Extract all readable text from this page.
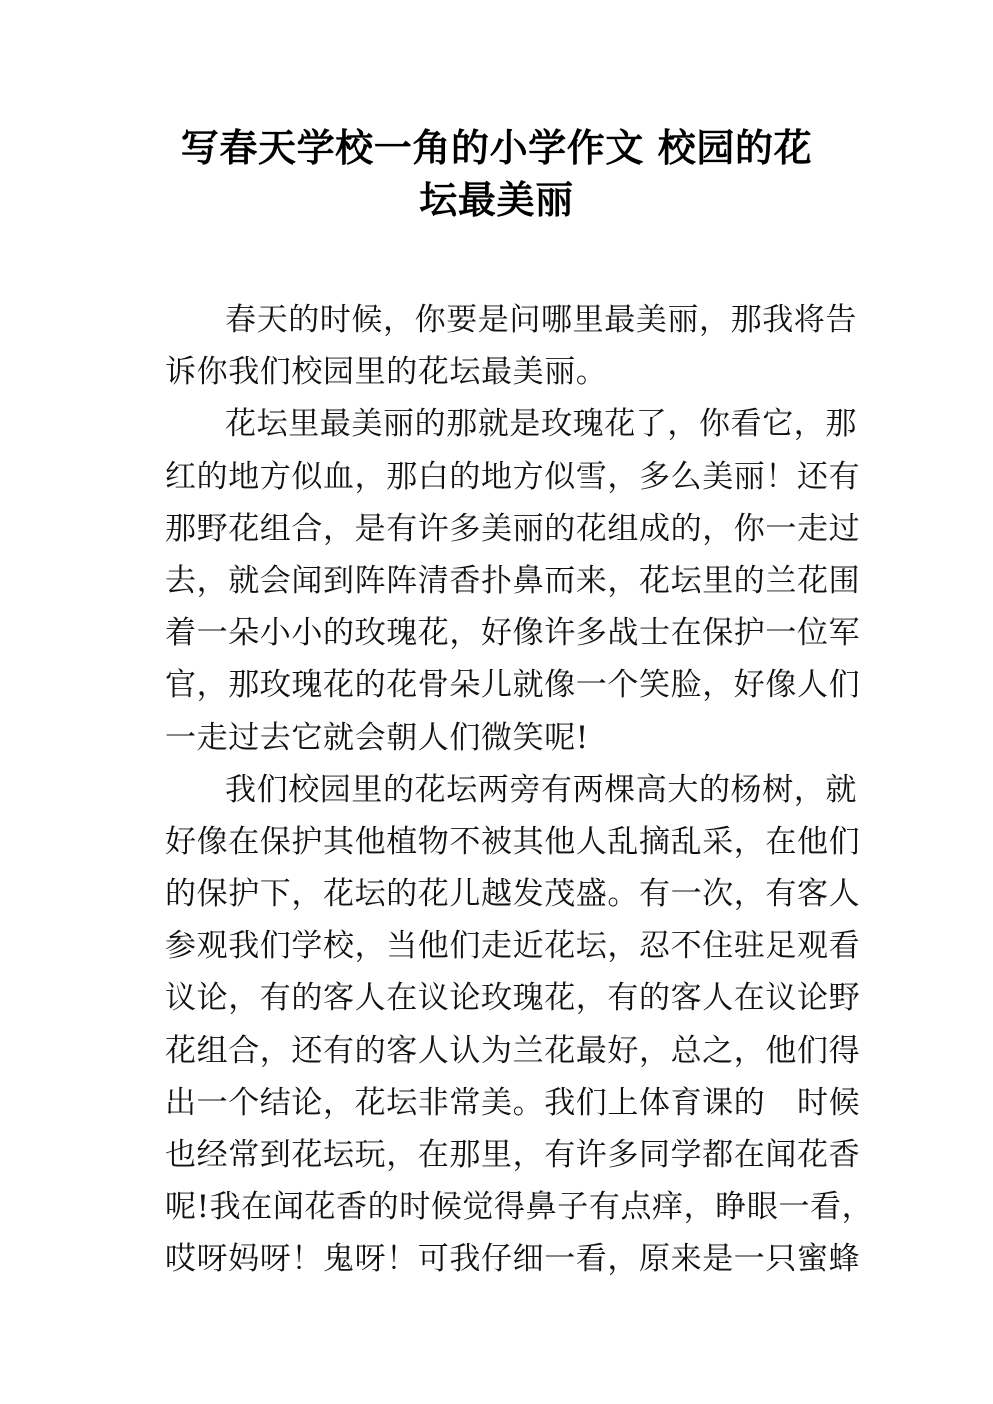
写春天学校一角的小学作文 校园的花
坛最美丽
春天的时候，你要是问哪里最美丽，那我将告
诉你我们校园里的花坛最美丽。
花坛里最美丽的那就是玫瑰花了，你看它，那
红的地方似血，那白的地方似雪，多么美丽！还有
那野花组合，是有许多美丽的花组成的，你一走过
去，就会闻到阵阵清香扑鼻而来，花坛里的兰花围
着一朵小小的玫瑰花，好像许多战士在保护一位军
官，那玫瑰花的花骨朵儿就像一个笑脸，好像人们
一走过去它就会朝人们微笑呢!
我们校园里的花坛两旁有两棵高大的杨树，就
好像在保护其他植物不被其他人乱摘乱采，在他们
的保护下，花坛的花儿越发茂盛。有一次，有客人
参观我们学校，当他们走近花坛，忍不住驻足观看
议论，有的客人在议论玫瑰花，有的客人在议论野
花组合，还有的客人认为兰花最好，总之，他们得
出一个结论，花坛非常美。我们上体育课的　时候
也经常到花坛玩，在那里，有许多同学都在闻花香
呢!我在闻花香的时候觉得鼻子有点痒，睁眼一看，
哎呀妈呀！鬼呀！可我仔细一看，原来是一只蜜蜂
